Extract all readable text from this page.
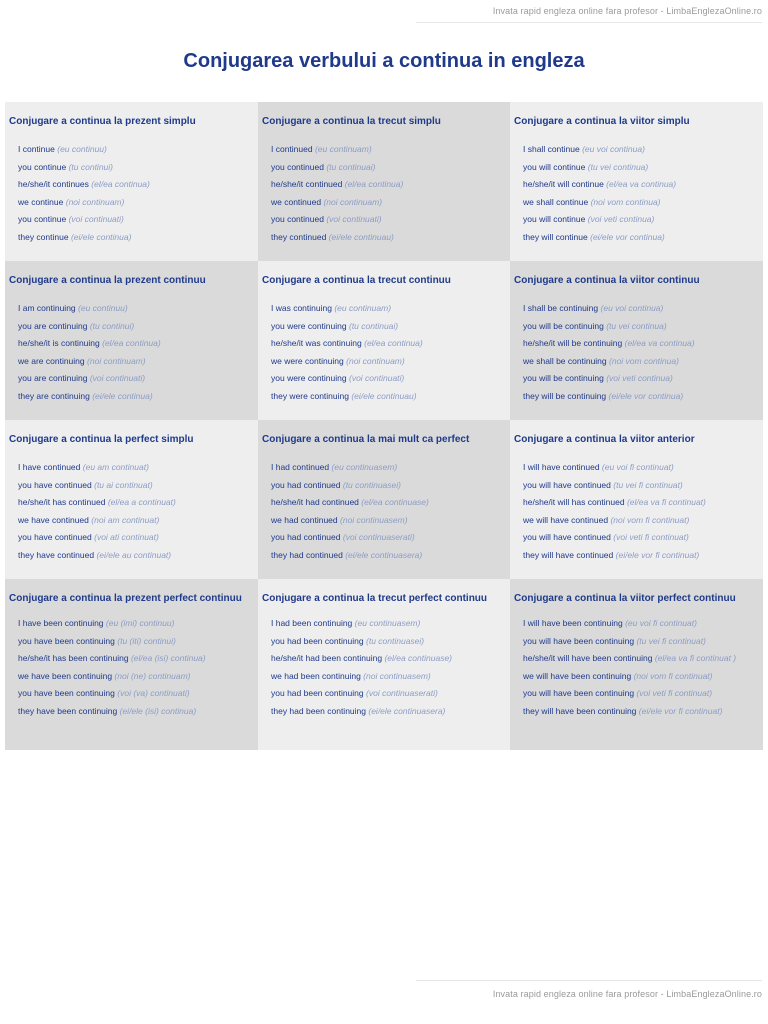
Invata rapid engleza online fara profesor - LimbaEnglezaOnline.ro
Conjugarea verbului a continua in engleza
Conjugare a continua la prezent simplu
I continue (eu continuu)
you continue (tu continui)
he/she/it continues (el/ea continua)
we continue (noi continuam)
you continue (voi continuati)
they continue (ei/ele continua)
Conjugare a continua la trecut simplu
I continued (eu continuam)
you continued (tu continuai)
he/she/it continued (el/ea continua)
we continued (noi continuam)
you continued (voi continuati)
they continued (ei/ele continuau)
Conjugare a continua la viitor simplu
I shall continue (eu voi continua)
you will continue (tu vei continua)
he/she/it will continue (el/ea va continua)
we shall continue (noi vom continua)
you will continue (voi veti continua)
they will continue (ei/ele vor continua)
Conjugare a continua la prezent continuu
I am continuing (eu continuu)
you are continuing (tu continui)
he/she/it is continuing (el/ea continua)
we are continuing (noi continuam)
you are continuing (voi continuati)
they are continuing (ei/ele continua)
Conjugare a continua la trecut continuu
I was continuing (eu continuam)
you were continuing (tu continuai)
he/she/it was continuing (el/ea continua)
we were continuing (noi continuam)
you were continuing (voi continuati)
they were continuing (ei/ele continuau)
Conjugare a continua la viitor continuu
I shall be continuing (eu voi continua)
you will be continuing (tu vei continua)
he/she/it will be continuing (el/ea va continua)
we shall be continuing (noi vom continua)
you will be continuing (voi veti continua)
they will be continuing (ei/ele vor continua)
Conjugare a continua la perfect simplu
I have continued (eu am continuat)
you have continued (tu ai continuat)
he/she/it has continued (el/ea a continuat)
we have continued (noi am continuat)
you have continued (voi ati continuat)
they have continued (ei/ele au continuat)
Conjugare a continua la mai mult ca perfect
I had continued (eu continuasem)
you had continued (tu continuasei)
he/she/it had continued (el/ea continuase)
we had continued (noi continuasem)
you had continued (voi continuaserati)
they had continued (ei/ele continuasera)
Conjugare a continua la viitor anterior
I will have continued (eu voi fi continuat)
you will have continued (tu vei fi continuat)
he/she/it will has continued (el/ea va fi continuat)
we will have continued (noi vom fi continuat)
you will have continued (voi veti fi continuat)
they will have continued (ei/ele vor fi continuat)
Conjugare a continua la prezent perfect continuu
I have been continuing (eu (imi) continuu)
you have been continuing (tu (iti) continui)
he/she/it has been continuing (el/ea (isi) continua)
we have been continuing (noi (ne) continuam)
you have been continuing (voi (va) continuati)
they have been continuing (ei/ele (isi) continua)
Conjugare a continua la trecut perfect continuu
I had been continuing (eu continuasem)
you had been continuing (tu continuasei)
he/she/it had been continuing (el/ea continuase)
we had been continuing (noi continuasem)
you had been continuing (voi continuaserati)
they had been continuing (ei/ele continuasera)
Conjugare a continua la viitor perfect continuu
I will have been continuing (eu voi fi continuat)
you will have been continuing (tu vei fi continuat)
he/she/it will have been continuing (el/ea va fi continuat )
we will have been continuing (noi vom fi continuat)
you will have been continuing (voi veti fi continuat)
they will have been continuing (ei/ele vor fi continuat)
Invata rapid engleza online fara profesor - LimbaEnglezaOnline.ro
